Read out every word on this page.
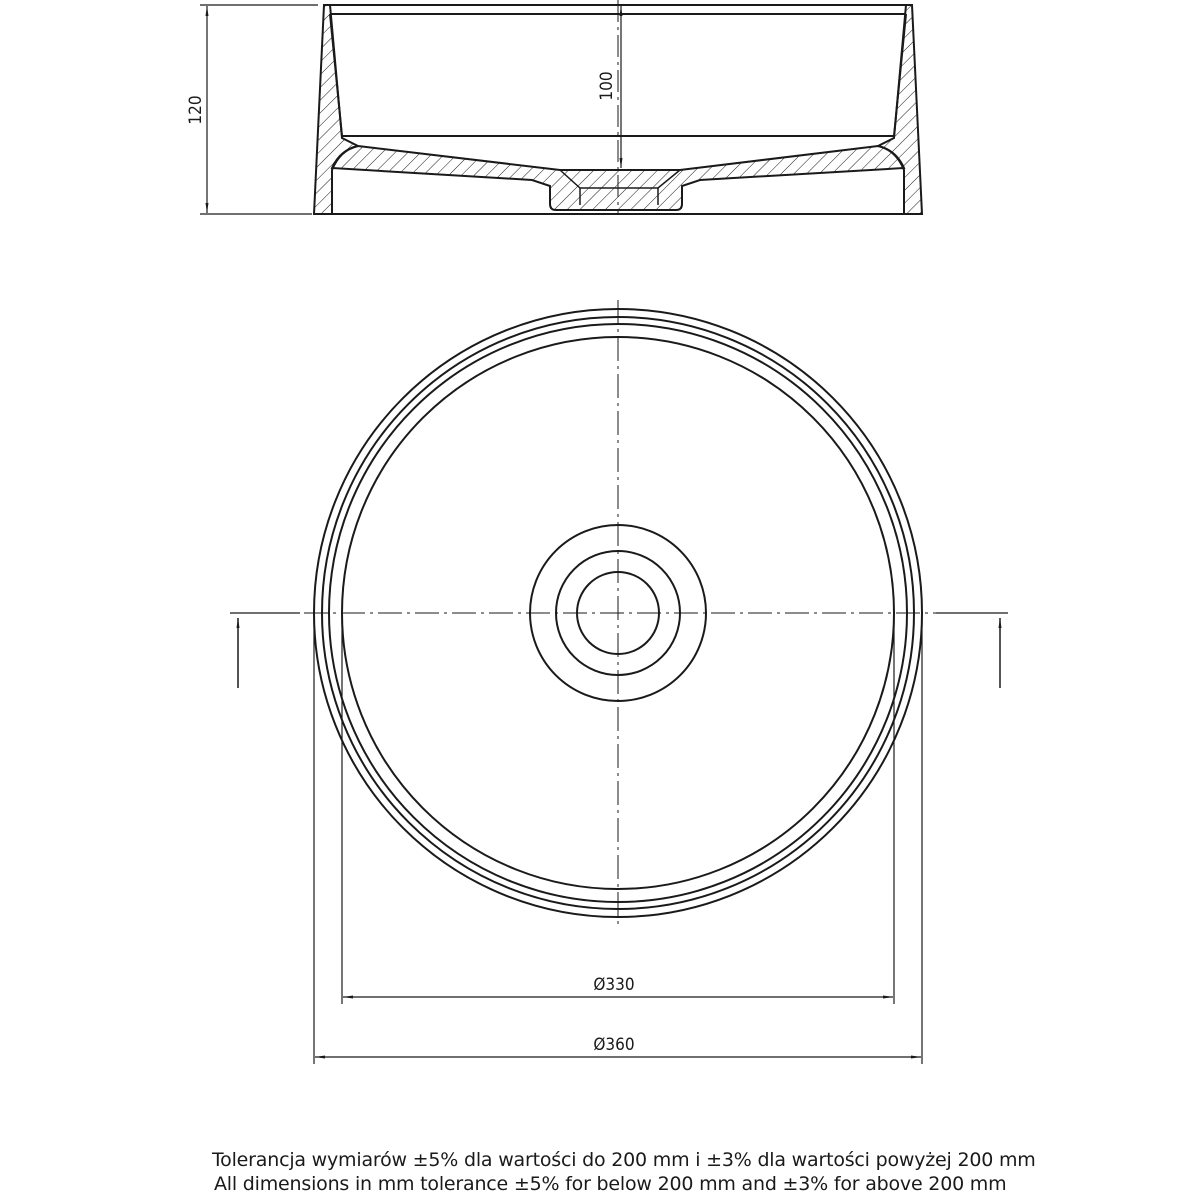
120
100
Ø330
Ø360
Tolerancja wymiarów ±5% dla wartości do 200 mm i ±3% dla wartości powyżej 200 mm
All dimensions in mm tolerance ±5% for below 200 mm and ±3% for above 200 mm
